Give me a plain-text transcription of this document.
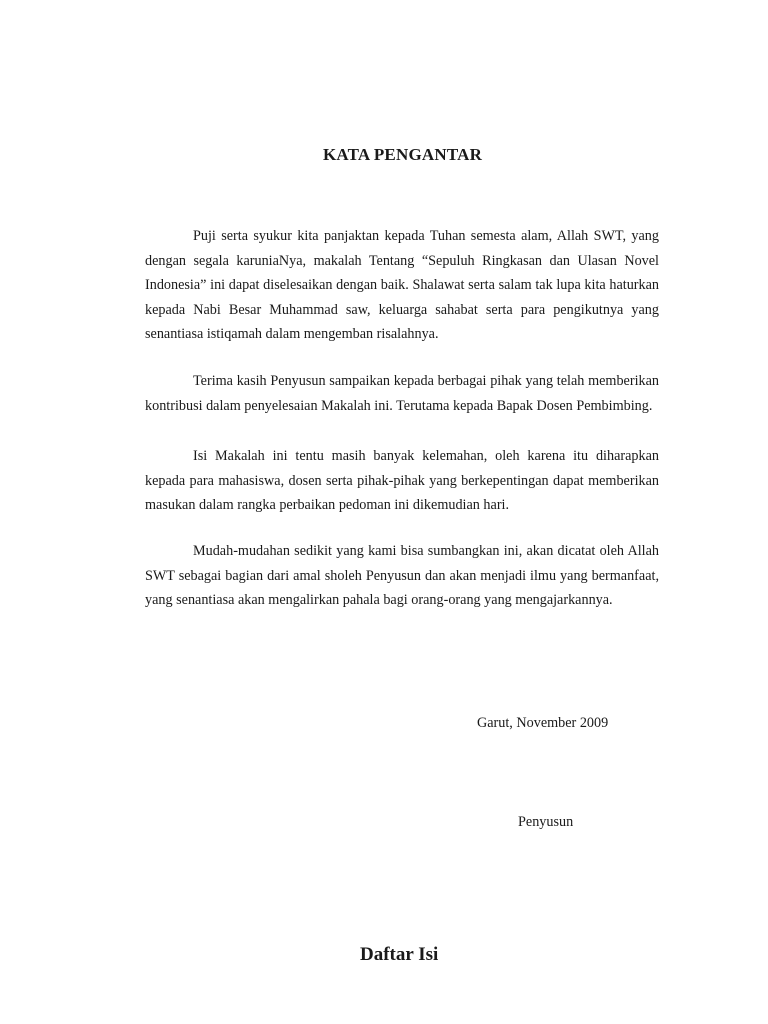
KATA PENGANTAR

Puji serta syukur kita panjaktan kepada Tuhan semesta alam, Allah SWT, yang dengan segala karuniaNya, makalah Tentang “Sepuluh Ringkasan dan Ulasan Novel Indonesia” ini dapat diselesaikan dengan baik. Shalawat serta salam tak lupa kita haturkan kepada Nabi Besar Muhammad saw, keluarga sahabat serta para pengikutnya yang senantiasa istiqamah dalam mengemban risalahnya.

Terima kasih Penyusun sampaikan kepada berbagai pihak yang telah memberikan kontribusi dalam penyelesaian Makalah ini. Terutama kepada Bapak Dosen Pembimbing.

Isi Makalah ini tentu masih banyak kelemahan, oleh karena itu diharapkan kepada para mahasiswa, dosen serta pihak-pihak yang berkepentingan dapat memberikan masukan dalam rangka perbaikan pedoman ini dikemudian hari.

Mudah-mudahan sedikit yang kami bisa sumbangkan ini, akan dicatat oleh Allah SWT sebagai bagian dari amal sholeh Penyusun dan akan menjadi ilmu yang bermanfaat, yang senantiasa akan mengalirkan pahala bagi orang-orang yang mengajarkannya.

Garut, November 2009
Penyusun
Daftar Isi
